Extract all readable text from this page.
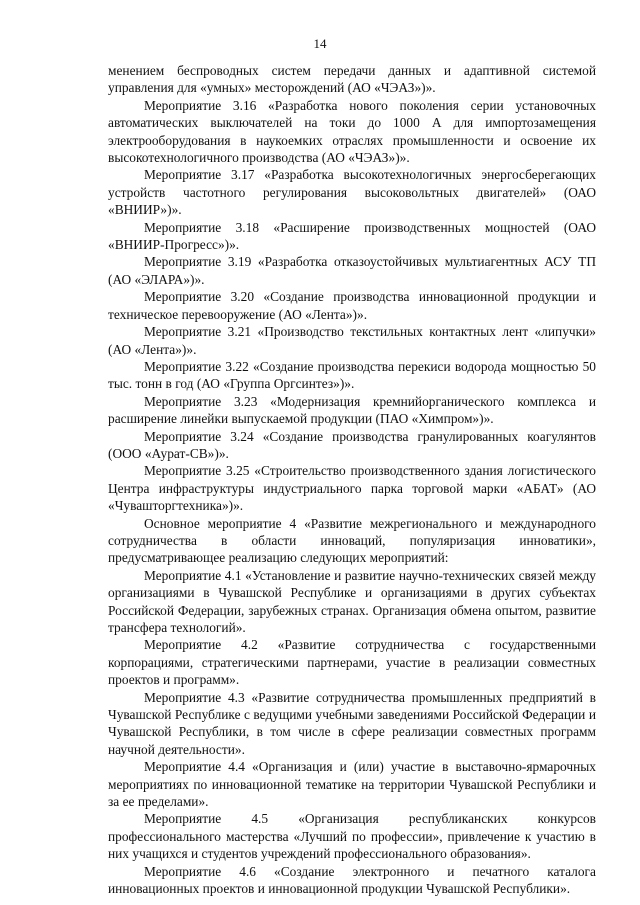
14

менением беспроводных систем передачи данных и адаптивной системой управления для «умных» месторождений (АО «ЧЭАЗ»)».

Мероприятие 3.16 «Разработка нового поколения серии установочных автоматических выключателей на токи до 1000 А для импортозамещения электрооборудования в наукоемких отраслях промышленности и освоение их высокотехнологичного производства (АО «ЧЭАЗ»)».

Мероприятие 3.17 «Разработка высокотехнологичных энергосберегающих устройств частотного регулирования высоковольтных двигателей» (ОАО «ВНИИР»)».

Мероприятие 3.18 «Расширение производственных мощностей (ОАО «ВНИИР-Прогресс»)».

Мероприятие 3.19 «Разработка отказоустойчивых мультиагентных АСУ ТП (АО «ЭЛАРА»)».

Мероприятие 3.20 «Создание производства инновационной продукции и техническое перевооружение (АО «Лента»)».

Мероприятие 3.21 «Производство текстильных контактных лент «липучки» (АО «Лента»)».

Мероприятие 3.22 «Создание производства перекиси водорода мощностью 50 тыс. тонн в год (АО «Группа Оргсинтез»)».

Мероприятие 3.23 «Модернизация кремнийорганического комплекса и расширение линейки выпускаемой продукции (ПАО «Химпром»)».

Мероприятие 3.24 «Создание производства гранулированных коагулянтов (ООО «Аурат-СВ»)».

Мероприятие 3.25 «Строительство производственного здания логистического Центра инфраструктуры индустриального парка торговой марки «АБАТ» (АО «Чувашторгтехника»)».

Основное мероприятие 4 «Развитие межрегионального и международного сотрудничества в области инноваций, популяризация инноватики», предусматривающее реализацию следующих мероприятий:

Мероприятие 4.1 «Установление и развитие научно-технических связей между организациями в Чувашской Республике и организациями в других субъектах Российской Федерации, зарубежных странах. Организация обмена опытом, развитие трансфера технологий».

Мероприятие 4.2 «Развитие сотрудничества с государственными корпорациями, стратегическими партнерами, участие в реализации совместных проектов и программ».

Мероприятие 4.3 «Развитие сотрудничества промышленных предприятий в Чувашской Республике с ведущими учебными заведениями Российской Федерации и Чувашской Республики, в том числе в сфере реализации совместных программ научной деятельности».

Мероприятие 4.4 «Организация и (или) участие в выставочно-ярмарочных мероприятиях по инновационной тематике на территории Чувашской Республики и за ее пределами».

Мероприятие 4.5 «Организация республиканских конкурсов профессионального мастерства «Лучший по профессии», привлечение к участию в них учащихся и студентов учреждений профессионального образования».

Мероприятие 4.6 «Создание электронного и печатного каталога инновационных проектов и инновационной продукции Чувашской Республики».
